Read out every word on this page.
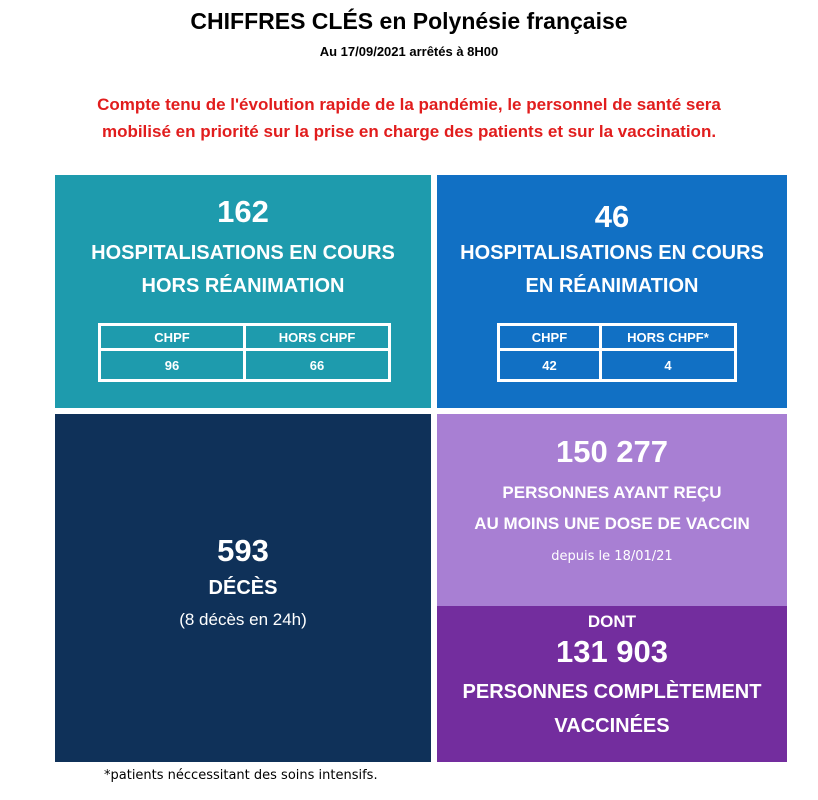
CHIFFRES CLÉS en Polynésie française
Au 17/09/2021 arrêtés à 8H00
Compte tenu de l'évolution rapide de la pandémie, le personnel de santé sera
mobilisé en priorité sur la prise en charge des patients et sur la vaccination.
162
HOSPITALISATIONS EN COURS
HORS RÉANIMATION
CHPF	HORS CHPF
96	66
46
HOSPITALISATIONS EN COURS
EN RÉANIMATION
CHPF	HORS CHPF*
42	4
593
DÉCÈS
(8 décès en 24h)
150 277
PERSONNES AYANT REÇU
AU MOINS UNE DOSE DE VACCIN
depuis le 18/01/21
DONT
131 903
PERSONNES COMPLÈTEMENT
VACCINÉES
*patients néccessitant des soins intensifs.
